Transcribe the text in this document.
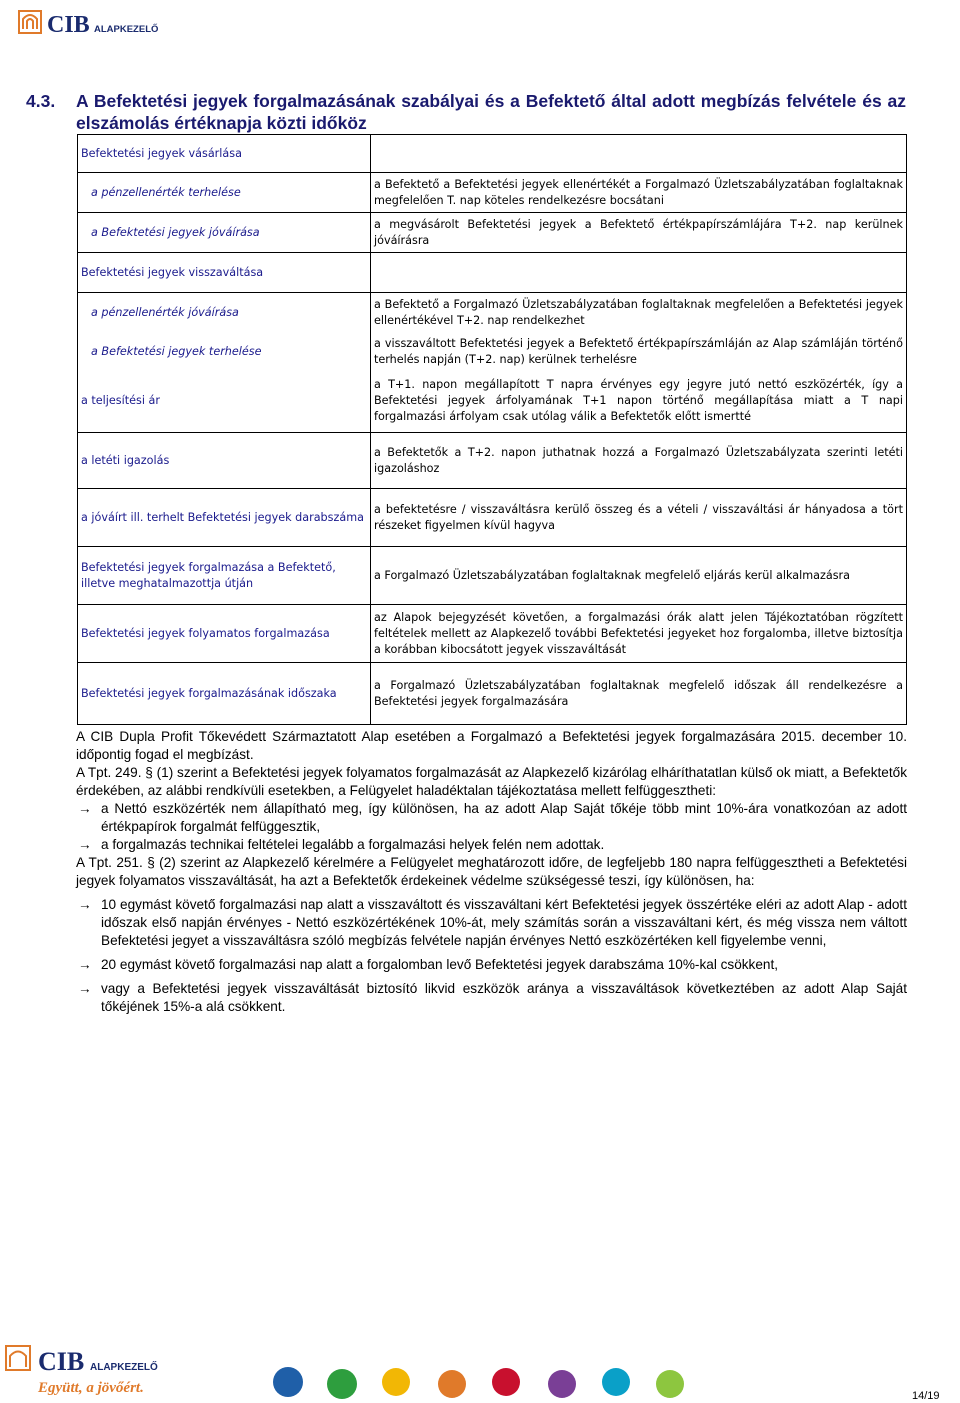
CIB ALAPKEZELŐ
4.3. A Befektetési jegyek forgalmazásának szabályai és a Befektető által adott megbízás felvétele és az elszámolás értéknapja közti időköz
Befektetési jegyek vásárlása	
a pénzellenérték terhelése	a Befektető a Befektetési jegyek ellenértékét a Forgalmazó Üzletszabályzatában foglaltaknak megfelelően T. nap köteles rendelkezésre bocsátani
a Befektetési jegyek jóváírása	a megvásárolt Befektetési jegyek a Befektető értékpapírszámlájára T+2. nap kerülnek jóváírásra
Befektetési jegyek visszaváltása	
a pénzellenérték jóváírása	a Befektető a Forgalmazó Üzletszabályzatában foglaltaknak megfelelően a Befektetési jegyek ellenértékével T+2. nap rendelkezhet
a Befektetési jegyek terhelése	a visszaváltott Befektetési jegyek a Befektető értékpapírszámláján az Alap számláján történő terhelés napján (T+2. nap) kerülnek terhelésre
a teljesítési ár	a T+1. napon megállapított T napra érvényes egy jegyre jutó nettó eszközérték, így a Befektetési jegyek árfolyamának T+1 napon történő megállapítása miatt a T napi forgalmazási árfolyam csak utólag válik a Befektetők előtt ismertté
a letéti igazolás	a Befektetők a T+2. napon juthatnak hozzá a Forgalmazó Üzletszabályzata szerinti letéti igazoláshoz
a jóváírt ill. terhelt Befektetési jegyek darabszáma	a befektetésre / visszaváltásra kerülő összeg és a vételi / visszaváltási ár hányadosa a tört részeket figyelmen kívül hagyva
Befektetési jegyek forgalmazása a Befektető, illetve meghatalmazottja útján	a Forgalmazó Üzletszabályzatában foglaltaknak megfelelő eljárás kerül alkalmazásra
Befektetési jegyek folyamatos forgalmazása	az Alapok bejegyzését követően, a forgalmazási órák alatt jelen Tájékoztatóban rögzített feltételek mellett az Alapkezelő további Befektetési jegyeket hoz forgalomba, illetve biztosítja a korábban kibocsátott jegyek visszaváltását
Befektetési jegyek forgalmazásának időszaka	a Forgalmazó Üzletszabályzatában foglaltaknak megfelelő időszak áll rendelkezésre a Befektetési jegyek forgalmazására

A CIB Dupla Profit Tőkevédett Származtatott Alap esetében a Forgalmazó a Befektetési jegyek forgalmazására 2015. december 10. időpontig fogad el megbízást.

A Tpt. 249. § (1) szerint a Befektetési jegyek folyamatos forgalmazását az Alapkezelő kizárólag elháríthatatlan külső ok miatt, a Befektetők érdekében, az alábbi rendkívüli esetekben, a Felügyelet haladéktalan tájékoztatása mellett felfüggesztheti:

→ a Nettó eszközérték nem állapítható meg, így különösen, ha az adott Alap Saját tőkéje több mint 10%-ára vonatkozóan az adott értékpapírok forgalmát felfüggesztik,

→ a forgalmazás technikai feltételei legalább a forgalmazási helyek felén nem adottak.

A Tpt. 251. § (2) szerint az Alapkezelő kérelmére a Felügyelet meghatározott időre, de legfeljebb 180 napra felfüggesztheti a Befektetési jegyek folyamatos visszaváltását, ha azt a Befektetők érdekeinek védelme szükségessé teszi, így különösen, ha:

→ 10 egymást követő forgalmazási nap alatt a visszaváltott és visszaváltani kért Befektetési jegyek összértéke eléri az adott Alap - adott időszak első napján érvényes - Nettó eszközértékének 10%-át, mely számítás során a visszaváltani kért, és még vissza nem váltott Befektetési jegyet a visszaváltásra szóló megbízás felvétele napján érvényes Nettó eszközértéken kell figyelembe venni,

→ 20 egymást követő forgalmazási nap alatt a forgalomban levő Befektetési jegyek darabszáma 10%-kal csökkent,

→ vagy a Befektetési jegyek visszaváltását biztosító likvid eszközök aránya a visszaváltások következtében az adott Alap Saját tőkéjének 15%-a alá csökkent.

CIB ALAPKEZELŐ
Együtt, a jövőért.	14/19
